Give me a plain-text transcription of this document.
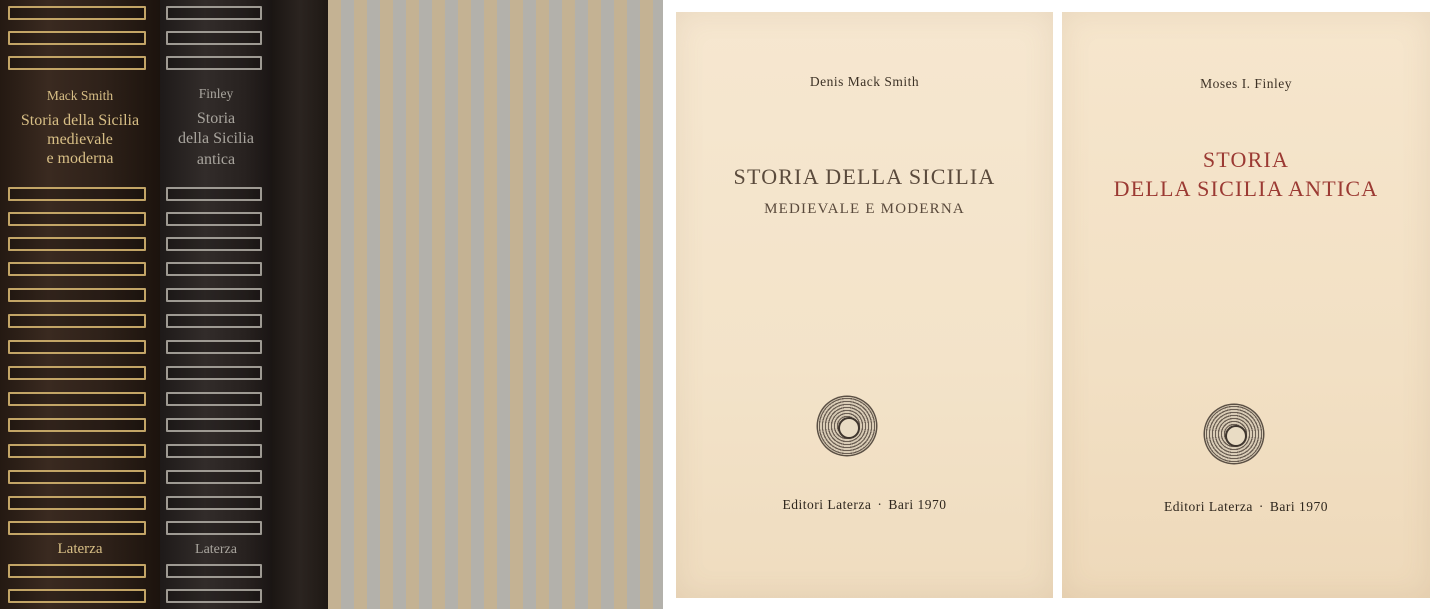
Mack Smith
Storia della Sicilia
medievale
e moderna
Laterza
Finley
Storia
della Sicilia
antica
Laterza
Denis Mack Smith
STORIA DELLA SICILIA
MEDIEVALE E MODERNA
Editori Laterza · Bari 1970
Moses I. Finley
STORIA
DELLA SICILIA ANTICA
Editori Laterza · Bari 1970
